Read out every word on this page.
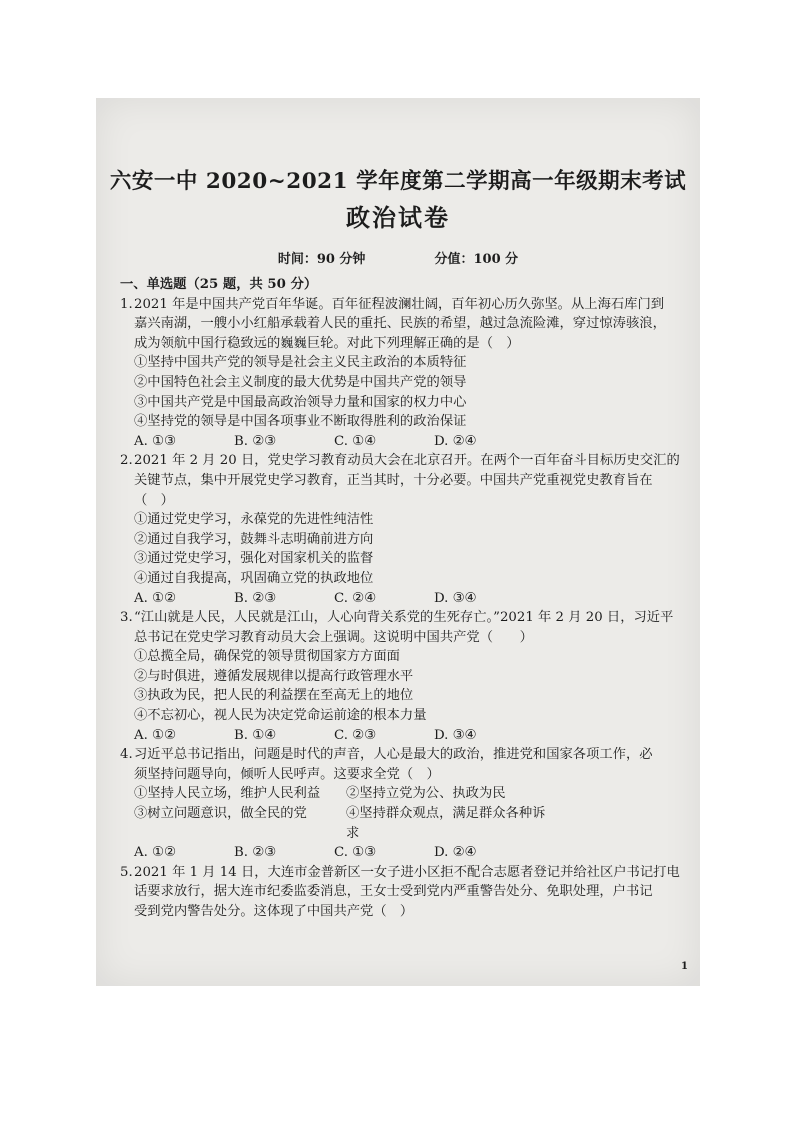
六安一中 2020~2021 学年度第二学期高一年级期末考试
政治试卷
时间：90 分钟	分值：100 分
一、单选题（25 题，共 50 分）
1. 2021 年是中国共产党百年华诞。百年征程波澜壮阔，百年初心历久弥坚。从上海石库门到
嘉兴南湖，一艘小小红船承载着人民的重托、民族的希望，越过急流险滩，穿过惊涛骇浪，
成为领航中国行稳致远的巍巍巨轮。对此下列理解正确的是（　）
①坚持中国共产党的领导是社会主义民主政治的本质特征
②中国特色社会主义制度的最大优势是中国共产党的领导
③中国共产党是中国最高政治领导力量和国家的权力中心
④坚持党的领导是中国各项事业不断取得胜利的政治保证
A. ①③	B. ②③	C. ①④	D. ②④
2. 2021 年 2 月 20 日，党史学习教育动员大会在北京召开。在两个一百年奋斗目标历史交汇的
关键节点，集中开展党史学习教育，正当其时，十分必要。中国共产党重视党史教育旨在
（　）
①通过党史学习，永葆党的先进性纯洁性
②通过自我学习，鼓舞斗志明确前进方向
③通过党史学习，强化对国家机关的监督
④通过自我提高，巩固确立党的执政地位
A. ①②	B. ②③	C. ②④	D. ③④
3. “江山就是人民，人民就是江山，人心向背关系党的生死存亡。”2021 年 2 月 20 日，习近平
总书记在党史学习教育动员大会上强调。这说明中国共产党（　　）
①总揽全局，确保党的领导贯彻国家方方面面
②与时俱进，遵循发展规律以提高行政管理水平
③执政为民，把人民的利益摆在至高无上的地位
④不忘初心，视人民为决定党命运前途的根本力量
A. ①②	B. ①④	C. ②③	D. ③④
4. 习近平总书记指出，问题是时代的声音，人心是最大的政治，推进党和国家各项工作，必
须坚持问题导向，倾听人民呼声。这要求全党（　）
①坚持人民立场，维护人民利益	②坚持立党为公、执政为民
③树立问题意识，做全民的党	④坚持群众观点，满足群众各种诉求
A. ①②	B. ②③	C. ①③	D. ②④
5. 2021 年 1 月 14 日，大连市金普新区一女子进小区拒不配合志愿者登记并给社区户书记打电
话要求放行，据大连市纪委监委消息，王女士受到党内严重警告处分、免职处理，户书记
受到党内警告处分。这体现了中国共产党（　）
1
